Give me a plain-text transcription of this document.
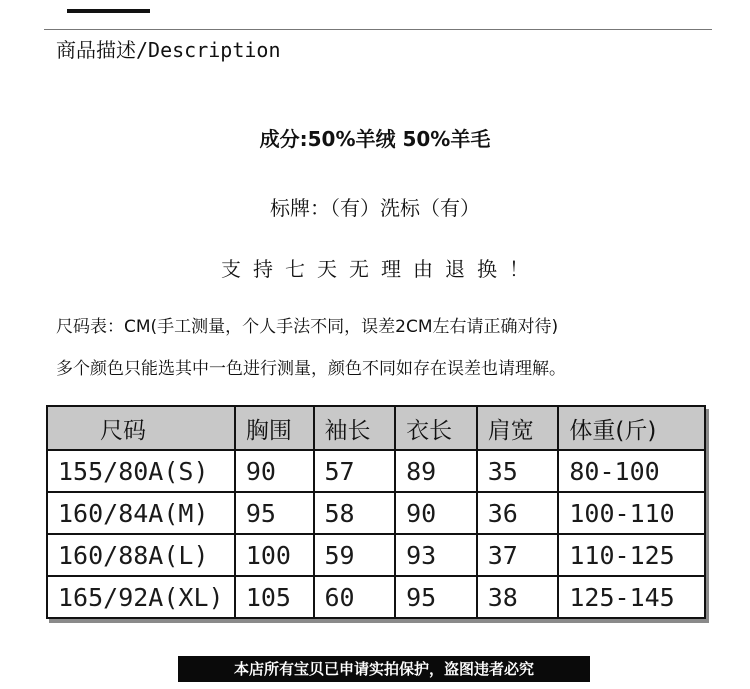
商品描述/Description
成分:50%羊绒 50%羊毛
标牌：（有）洗标（有）
支持七天无理由退换！
尺码表：CM(手工测量，个人手法不同，误差2CM左右请正确对待)
多个颜色只能选其中一色进行测量，颜色不同如存在误差也请理解。
尺码	胸围	袖长	衣长	肩宽	体重(斤)
155/80A(S)	90	57	89	35	80-100
160/84A(M)	95	58	90	36	100-110
160/88A(L)	100	59	93	37	110-125
165/92A(XL)	105	60	95	38	125-145
本店所有宝贝已申请实拍保护，盗图违者必究
